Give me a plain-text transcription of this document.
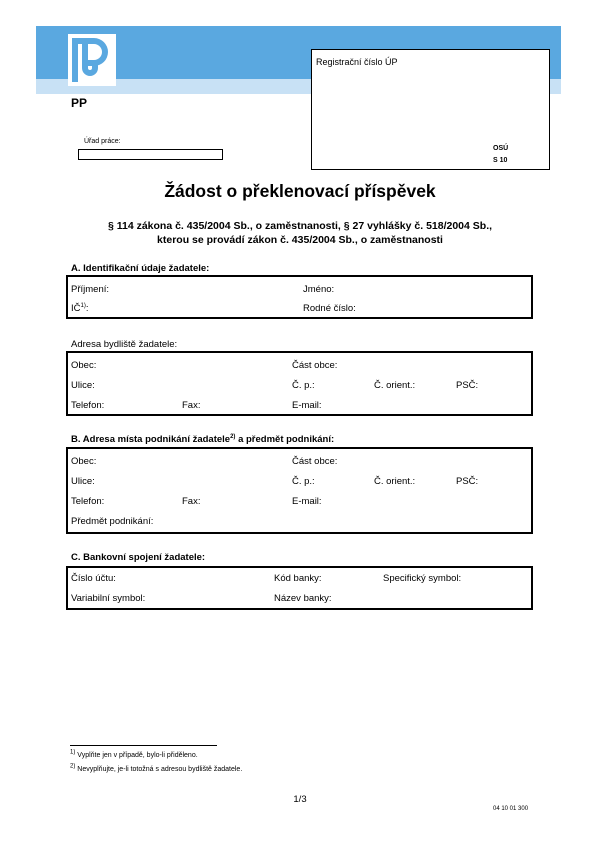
PP
Úřad práce:
Registrační číslo ÚP
OSÚ
S 10
Žádost o překlenovací příspěvek
§ 114 zákona č. 435/2004 Sb., o zaměstnanosti, § 27 vyhlášky č. 518/2004 Sb.,
kterou se provádí zákon č. 435/2004 Sb., o zaměstnanosti
A. Identifikační údaje žadatele:
Příjmení:	Jméno:
IČ$^{1)}$:	Rodné číslo:
Adresa bydliště žadatele:
Obec:	Část obce:
Ulice:	Č. p.:	Č. orient.:	PSČ:
Telefon:	Fax:	E-mail:
B. Adresa místa podnikání žadatele$^{2)}$ a předmět podnikání:
Obec:	Část obce:
Ulice:	Č. p.:	Č. orient.:	PSČ:
Telefon:	Fax:	E-mail:
Předmět podnikání:
C. Bankovní spojení žadatele:
Číslo účtu:	Kód banky:	Specifický symbol:
Variabilní symbol:	Název banky:
$^{1)}$ Vyplňte jen v případě, bylo-li přiděleno.
$^{2)}$ Nevyplňujte, je-li totožná s adresou bydliště žadatele.
1/3
04 10 01 300
